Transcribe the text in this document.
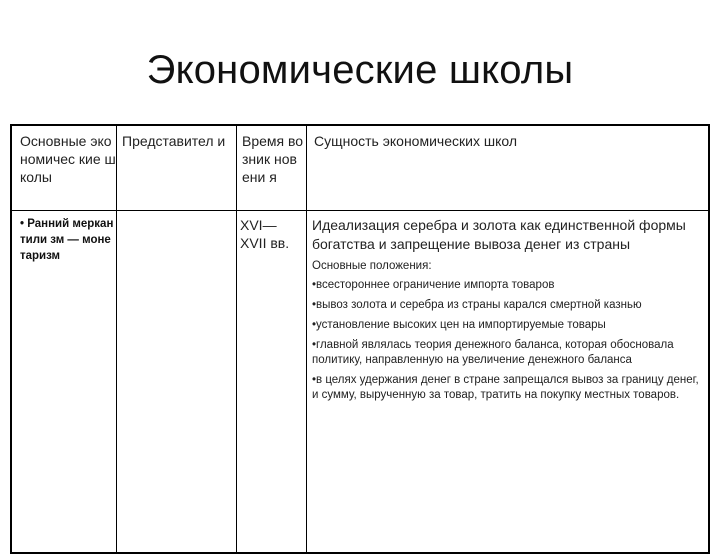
Экономические школы
Основные экономичес кие школы
Представител и	Время возник новени я
Сущность экономических школ
• Ранний меркантили зм — монетаризм
XVI— XVII вв.

Идеализация серебра и золота как единственной формы богатства и запрещение вывоза денег из страны

Основные положения:

•всестороннее ограничение импорта товаров

•вывоз золота и серебра из страны карался смертной казнью

•установление высоких цен на импортируемые товары

•главной являлась теория денежного баланса, которая обосновала политику, направленную на увеличение денежного баланса

•в целях удержания денег в стране запрещался вывоз за границу денег, и сумму, вырученную за товар, тратить на покупку местных товаров.
